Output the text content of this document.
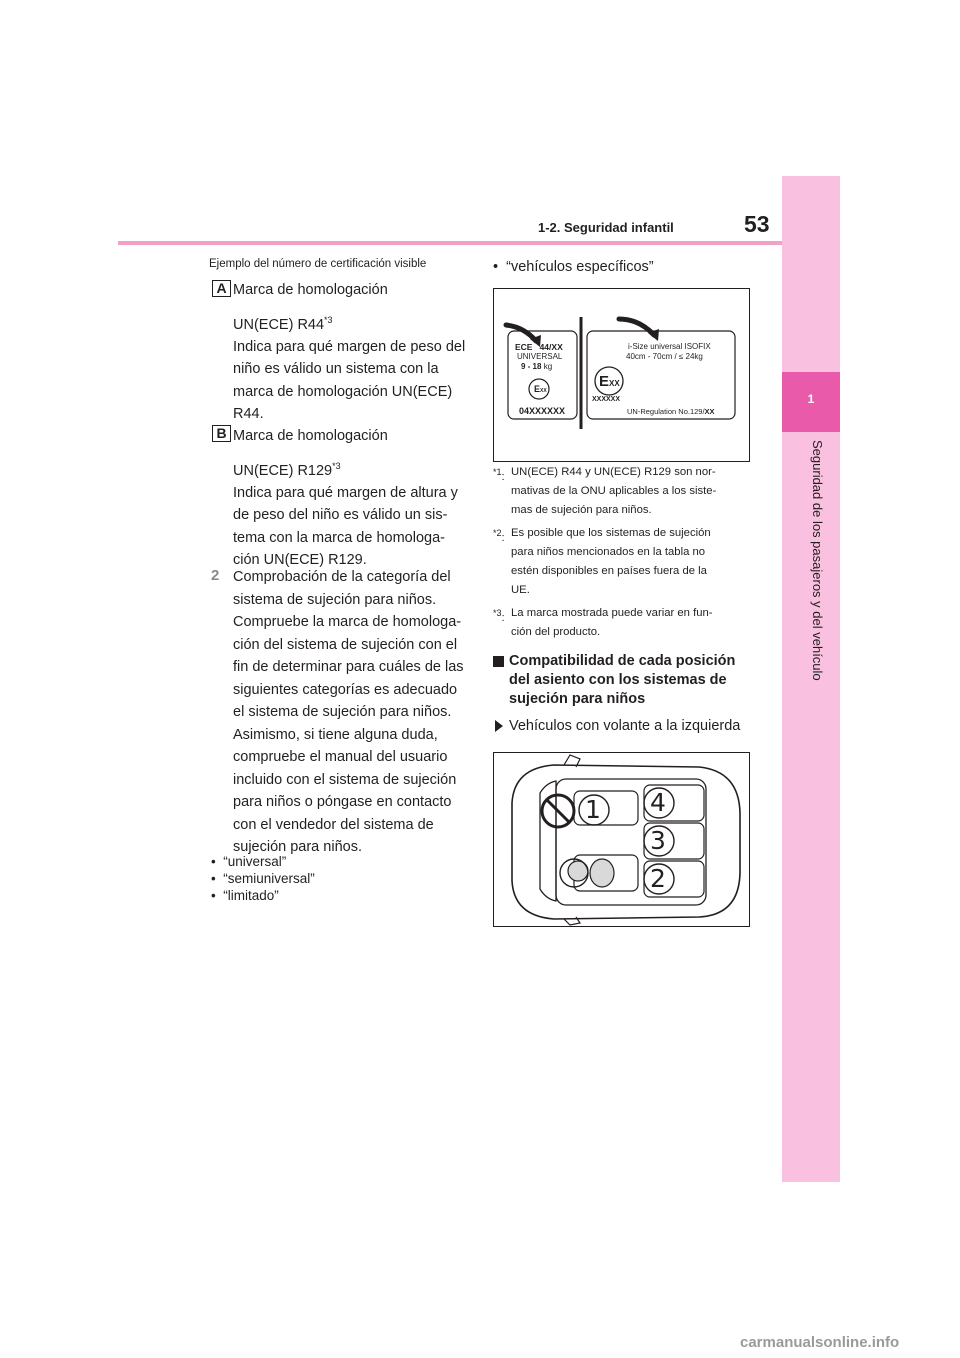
53
1-2. Seguridad infantil
1
Seguridad de los pasajeros y del vehículo
Ejemplo del número de certificación visible
A Marca de homologación
UN(ECE) R44$^{*3}$
Indica para qué margen de peso del
niño es válido un sistema con la
marca de homologación UN(ECE)
R44.
B Marca de homologación
UN(ECE) R129$^{*3}$
Indica para qué margen de altura y
de peso del niño es válido un sis-
tema con la marca de homologa-
ción UN(ECE) R129.
2 Comprobación de la categoría del
sistema de sujeción para niños.
Compruebe la marca de homologa-
ción del sistema de sujeción con el
fin de determinar para cuáles de las
siguientes categorías es adecuado
el sistema de sujeción para niños.
Asimismo, si tiene alguna duda,
compruebe el manual del usuario
incluido con el sistema de sujeción
para niños o póngase en contacto
con el vendedor del sistema de
sujeción para niños.
•  “universal”
•  “semiuniversal”
•  “limitado”
•  “vehículos específicos”
ECE 44/XX
UNIVERSAL
9 - 18 kg
EXX
04XXXXXX
i-Size universal ISOFIX
40cm - 70cm / ≤ 24kg
EXX
XXXXXX
UN-Regulation No.129/XX
$^{*1}$: UN(ECE) R44 y UN(ECE) R129 son nor-
mativas de la ONU aplicables a los siste-
mas de sujeción para niños.
$^{*2}$: Es posible que los sistemas de sujeción
para niños mencionados en la tabla no
estén disponibles en países fuera de la
UE.
$^{*3}$: La marca mostrada puede variar en fun-
ción del producto.
Compatibilidad de cada posición
del asiento con los sistemas de
sujeción para niños
Vehículos con volante a la izquierda
1 4
3
2
carmanualsonline.info
